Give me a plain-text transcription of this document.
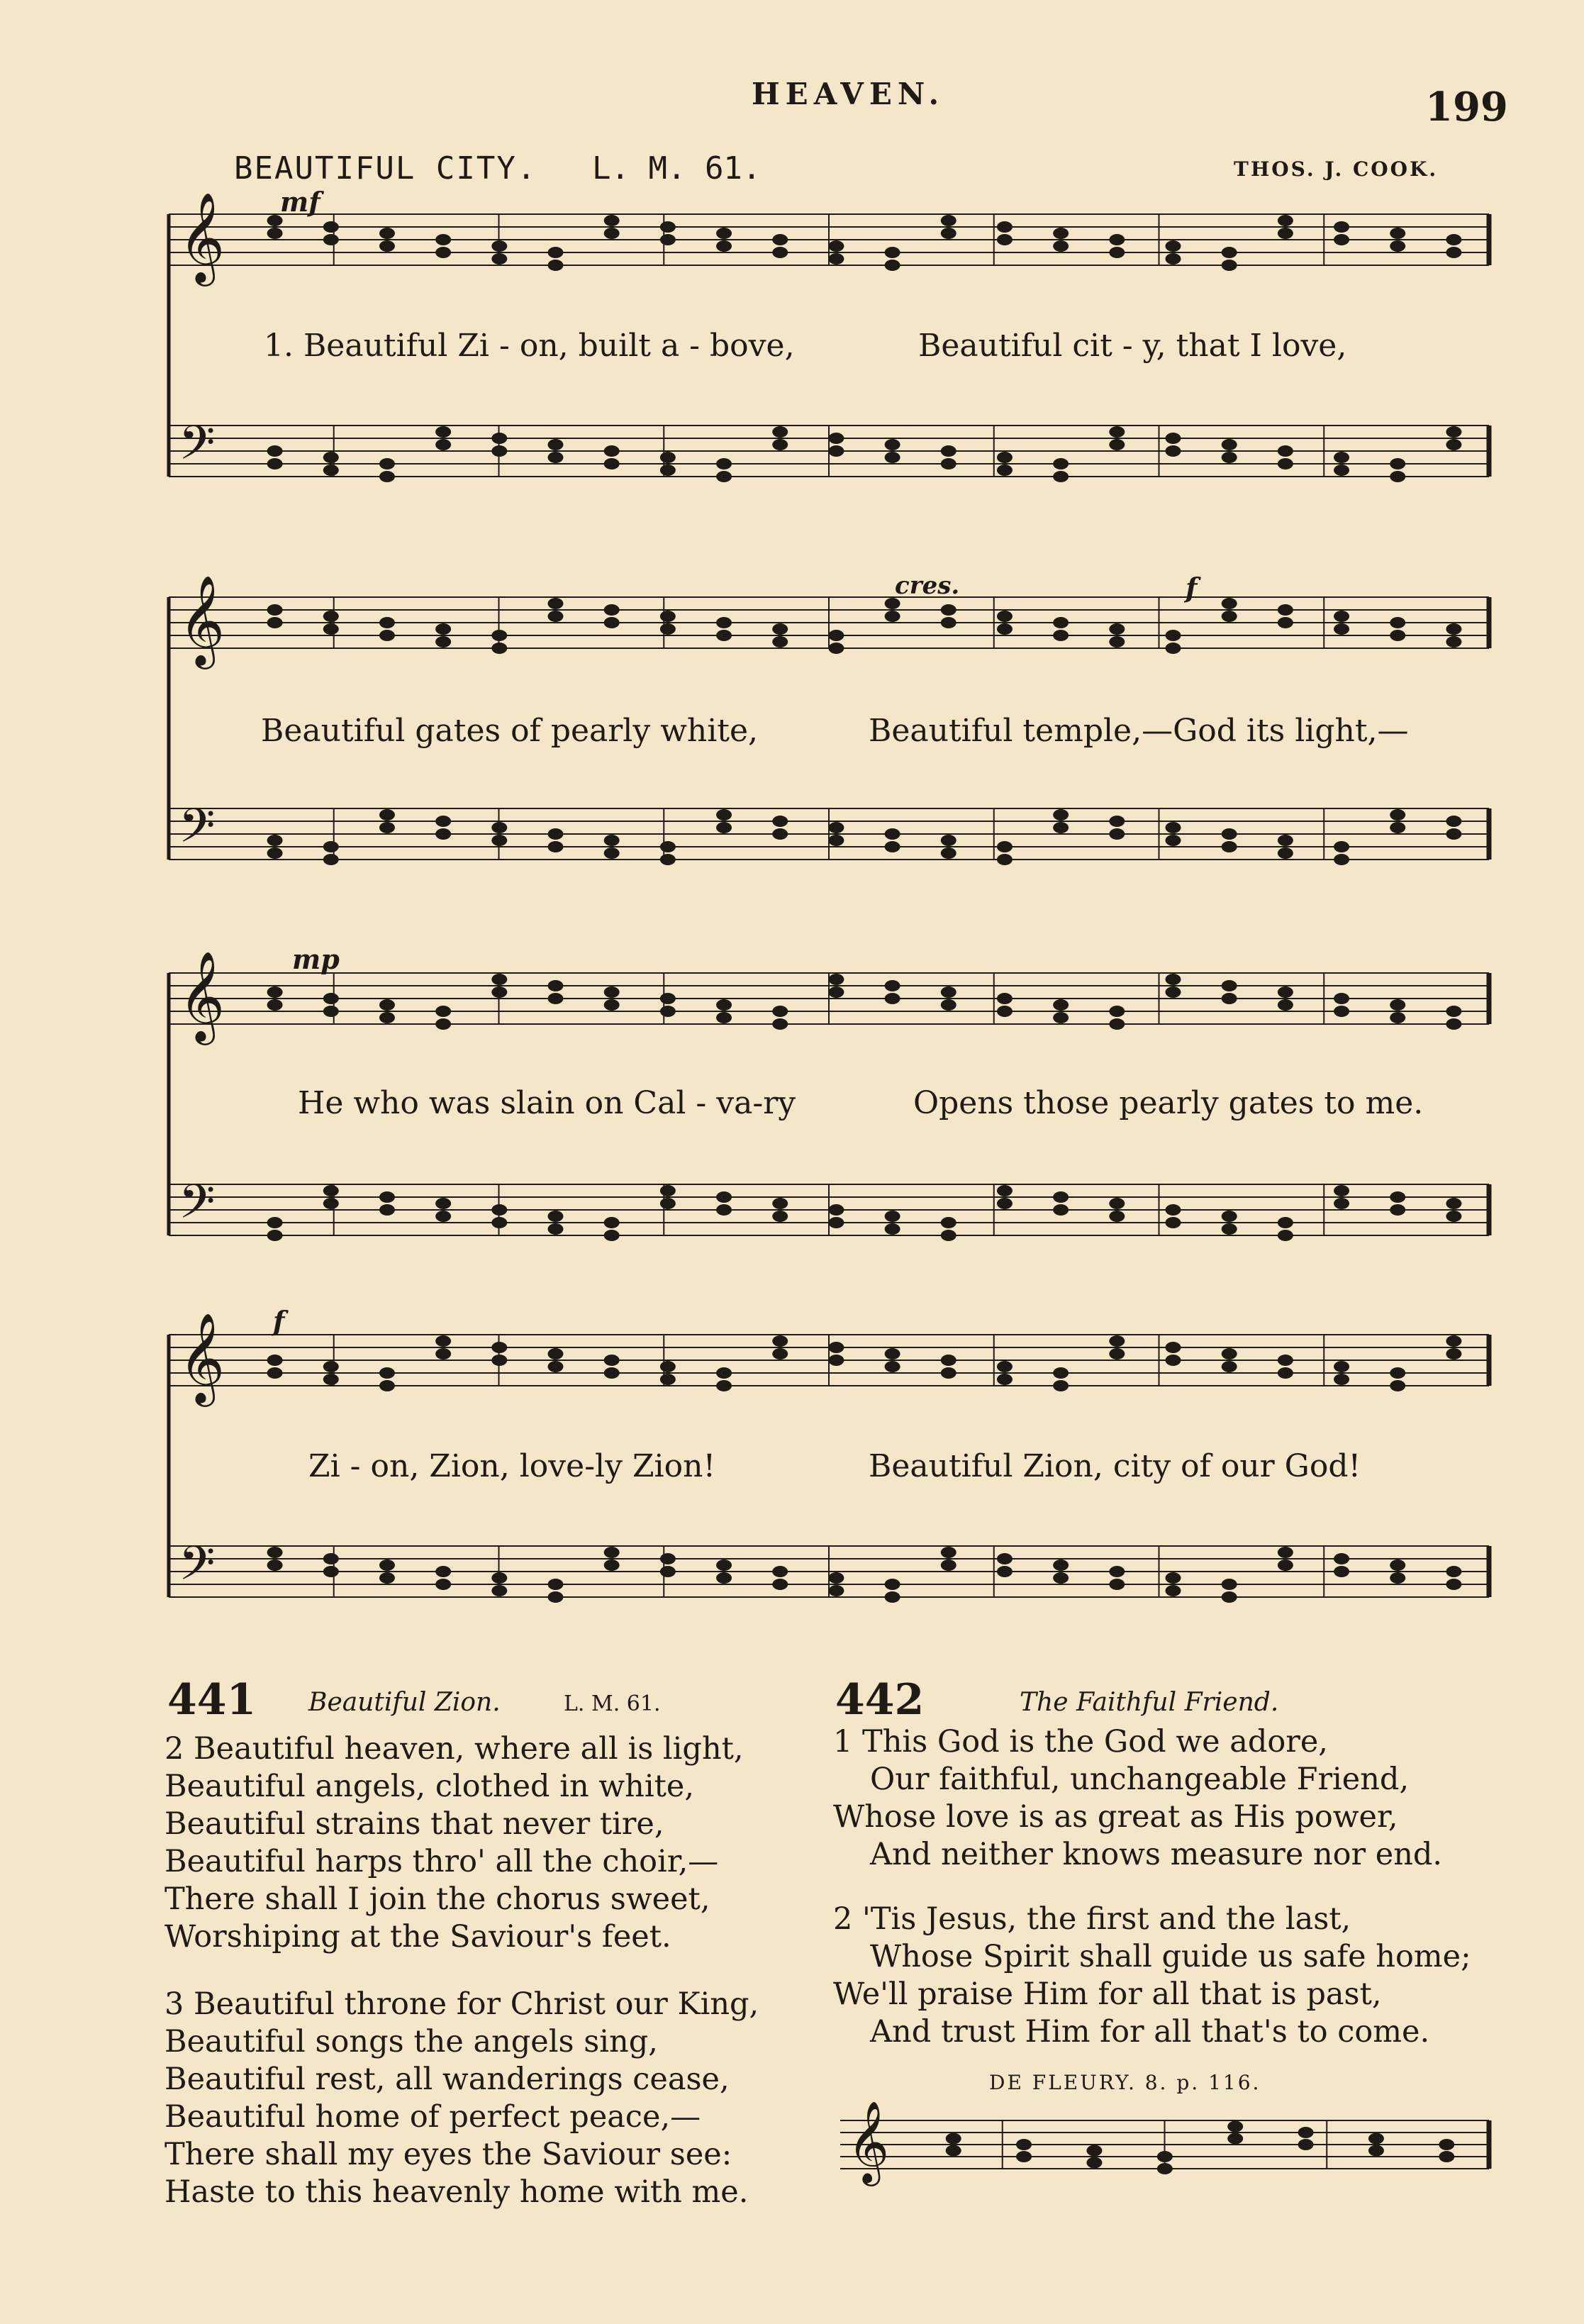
HEAVEN.	199
BEAUTIFUL CITY. L. M. 61.	THOS. J. COOK.
𝄞
𝄢
𝄞
𝄢
𝄞
𝄢
𝄞
𝄢
𝄞
mf
cres.	f
mp
f
1. Beautiful Zi - on, built a - bove,	Beautiful cit - y, that I love,
Beautiful gates of pearly white,	Beautiful temple,—God its light,—
He who was slain on Cal - va-ry	Opens those pearly gates to me.
Zi - on, Zion, love-ly Zion!	Beautiful Zion, city of our God!
441 Beautiful Zion.	L. M. 61.
2 Beautiful heaven, where all is light,
Beautiful angels, clothed in white,
Beautiful strains that never tire,
Beautiful harps thro' all the choir,—
There shall I join the chorus sweet,
Worshiping at the Saviour's feet.
3 Beautiful throne for Christ our King,
Beautiful songs the angels sing,
Beautiful rest, all wanderings cease,
Beautiful home of perfect peace,—
There shall my eyes the Saviour see:
Haste to this heavenly home with me.
442	The Faithful Friend.
1 This God is the God we adore,
Our faithful, unchangeable Friend,
Whose love is as great as His power,
And neither knows measure nor end.
2 'Tis Jesus, the first and the last,
Whose Spirit shall guide us safe home;
We'll praise Him for all that is past,
And trust Him for all that's to come.
DE FLEURY. 8. p. 116.
